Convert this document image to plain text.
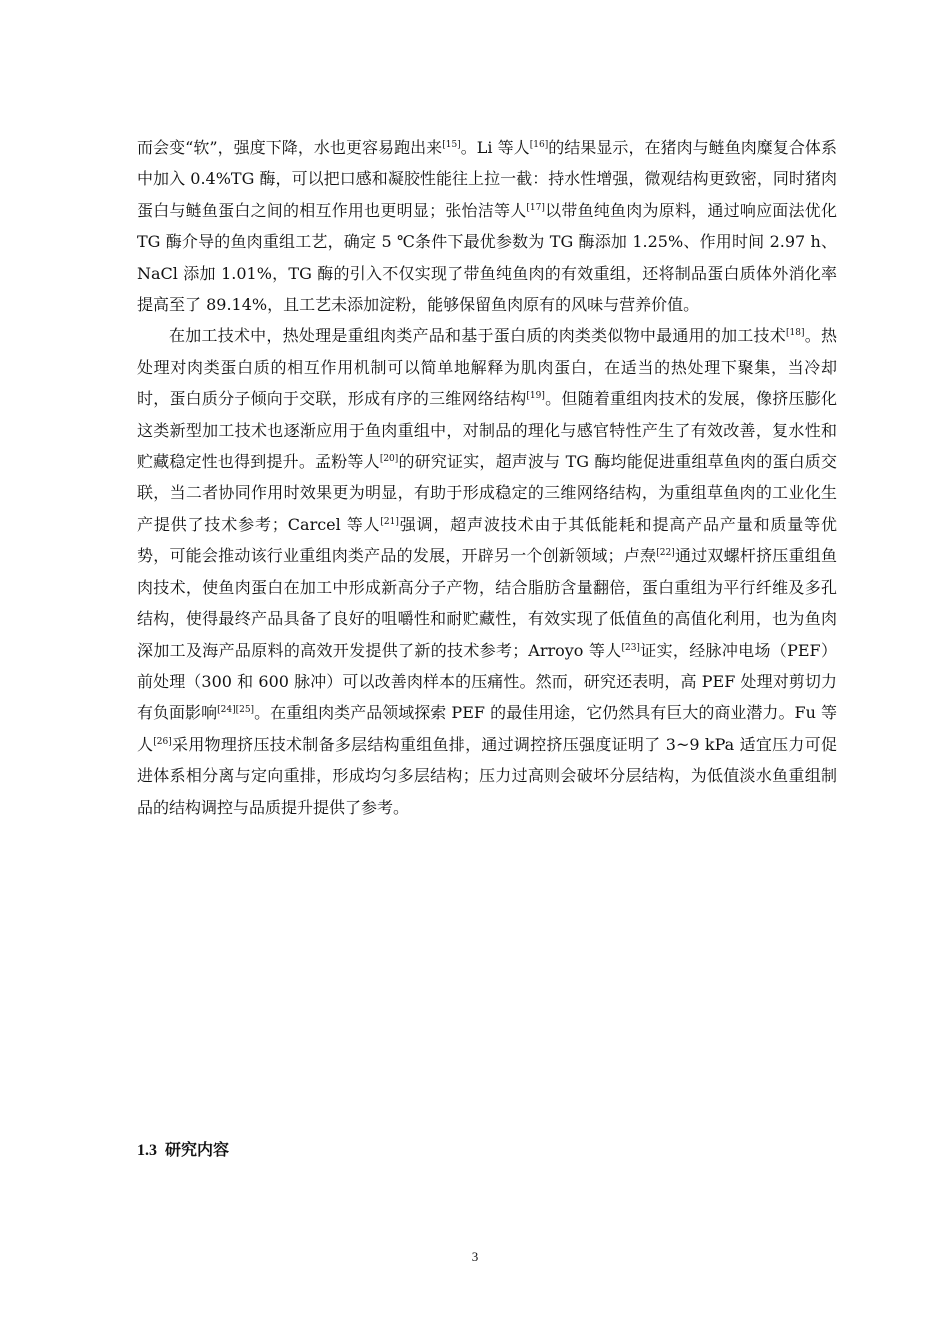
而会变“软”，强度下降，水也更容易跑出来[15]。Li 等人[16]的结果显示，在猪肉与鲢鱼肉糜复合体系中加入 0.4%TG 酶，可以把口感和凝胶性能往上拉一截：持水性增强，微观结构更致密，同时猪肉蛋白与鲢鱼蛋白之间的相互作用也更明显；张怡洁等人[17]以带鱼纯鱼肉为原料，通过响应面法优化 TG 酶介导的鱼肉重组工艺，确定 5 ℃条件下最优参数为 TG 酶添加 1.25%、作用时间 2.97 h、NaCl 添加 1.01%，TG 酶的引入不仅实现了带鱼纯鱼肉的有效重组，还将制品蛋白质体外消化率提高至了 89.14%，且工艺未添加淀粉，能够保留鱼肉原有的风味与营养价值。

在加工技术中，热处理是重组肉类产品和基于蛋白质的肉类类似物中最通用的加工技术[18]。热处理对肉类蛋白质的相互作用机制可以简单地解释为肌肉蛋白，在适当的热处理下聚集，当冷却时，蛋白质分子倾向于交联，形成有序的三维网络结构[19]。但随着重组肉技术的发展，像挤压膨化这类新型加工技术也逐渐应用于鱼肉重组中，对制品的理化与感官特性产生了有效改善，复水性和贮藏稳定性也得到提升。孟粉等人[20]的研究证实，超声波与 TG 酶均能促进重组草鱼肉的蛋白质交联，当二者协同作用时效果更为明显，有助于形成稳定的三维网络结构，为重组草鱼肉的工业化生产提供了技术参考；Carcel 等人[21]强调，超声波技术由于其低能耗和提高产品产量和质量等优势，可能会推动该行业重组肉类产品的发展，开辟另一个创新领域；卢焘[22]通过双螺杆挤压重组鱼肉技术，使鱼肉蛋白在加工中形成新高分子产物，结合脂肪含量翻倍，蛋白重组为平行纤维及多孔结构，使得最终产品具备了良好的咀嚼性和耐贮藏性，有效实现了低值鱼的高值化利用，也为鱼肉深加工及海产品原料的高效开发提供了新的技术参考；Arroyo 等人[23]证实，经脉冲电场（PEF）前处理（300 和 600 脉冲）可以改善肉样本的压痛性。然而，研究还表明，高 PEF 处理对剪切力有负面影响[24][25]。在重组肉类产品领域探索 PEF 的最佳用途，它仍然具有巨大的商业潜力。Fu 等人[26]采用物理挤压技术制备多层结构重组鱼排，通过调控挤压强度证明了 3~9 kPa 适宜压力可促进体系相分离与定向重排，形成均匀多层结构；压力过高则会破坏分层结构，为低值淡水鱼重组制品的结构调控与品质提升提供了参考。

1.3 研究内容
3
